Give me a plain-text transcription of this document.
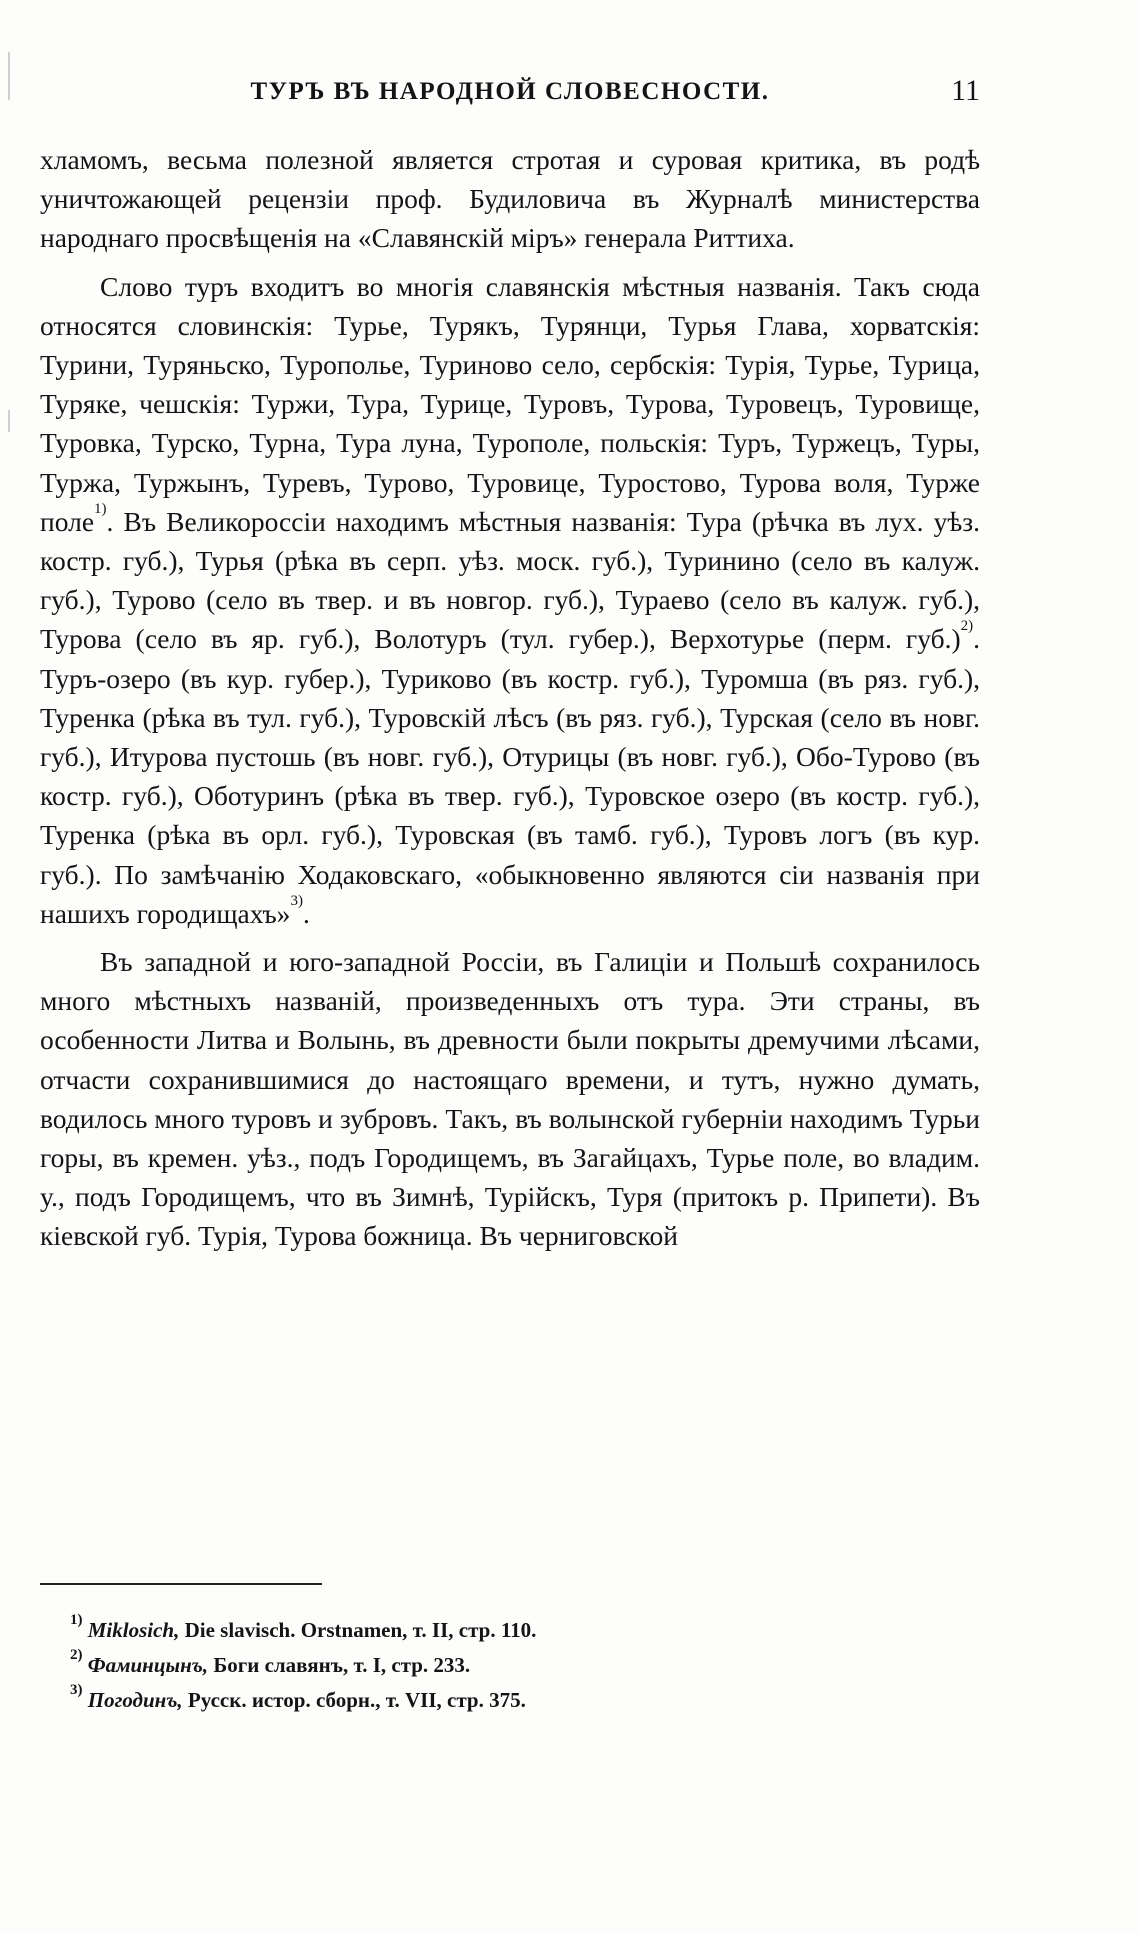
ТУРЪ ВЪ НАРОДНОЙ СЛОВЕСНОСТИ.	11

хламомъ, весьма полезной является стротая и суровая критика, въ родѣ уничтожающей рецензіи проф. Будиловича въ Журналѣ министерства народнаго просвѣщенія на «Славянскій міръ» генерала Риттиха.

Слово туръ входитъ во многія славянскія мѣстныя названія. Такъ сюда относятся словинскія: Турье, Турякъ, Турянци, Турья Глава, хорватскія: Турини, Туряньско, Турополье, Туриново село, сербскія: Турія, Турье, Турица, Туряке, чешскія: Туржи, Тура, Турице, Туровъ, Турова, Туровецъ, Туровище, Туровка, Турско, Турна, Тура луна, Турополе, польскія: Туръ, Туржецъ, Туры, Туржа, Туржынъ, Туревъ, Турово, Туровице, Туростово, Турова воля, Турже поле$^{1)}$. Въ Великороссіи находимъ мѣстныя названія: Тура (рѣчка въ лух. уѣз. костр. губ.), Турья (рѣка въ серп. уѣз. моск. губ.), Туринино (село въ калуж. губ.), Турово (село въ твер. и въ новгор. губ.), Тураево (село въ калуж. губ.), Турова (село въ яр. губ.), Волотуръ (тул. губер.), Верхотурье (перм. губ.)$^{2)}$. Туръ-озеро (въ кур. губер.), Туриково (въ костр. губ.), Туромша (въ ряз. губ.), Туренка (рѣка въ тул. губ.), Туровскій лѣсъ (въ ряз. губ.), Турская (село въ новг. губ.), Итурова пустошь (въ новг. губ.), Отурицы (въ новг. губ.), Обо-Турово (въ костр. губ.), Оботуринъ (рѣка въ твер. губ.), Туровское озеро (въ костр. губ.), Туренка (рѣка въ орл. губ.), Туровская (въ тамб. губ.), Туровъ логъ (въ кур. губ.). По замѣчанію Ходаковскаго, «обыкновенно являются сіи названія при нашихъ городищахъ»$^{3)}$.

Въ западной и юго-западной Россіи, въ Галиціи и Польшѣ сохранилось много мѣстныхъ названій, произведенныхъ отъ тура. Эти страны, въ особенности Литва и Волынь, въ древности были покрыты дремучими лѣсами, отчасти сохранившимися до настоящаго времени, и тутъ, нужно думать, водилось много туровъ и зубровъ. Такъ, въ волынской губерніи находимъ Турьи горы, въ кремен. уѣз., подъ Городищемъ, въ Загайцахъ, Турье поле, во владим. у., подъ Городищемъ, что въ Зимнѣ, Турійскъ, Туря (притокъ р. Припети). Въ кіевской губ. Турія, Турова божница. Въ черниговской

$^{1)}$ Miklosich, Die slavisch. Orstnamen, т. II, стр. 110.
$^{2)}$ Фаминцынъ, Боги славянъ, т. I, стр. 233.
$^{3)}$ Погодинъ, Русск. истор. сборн., т. VII, стр. 375.
